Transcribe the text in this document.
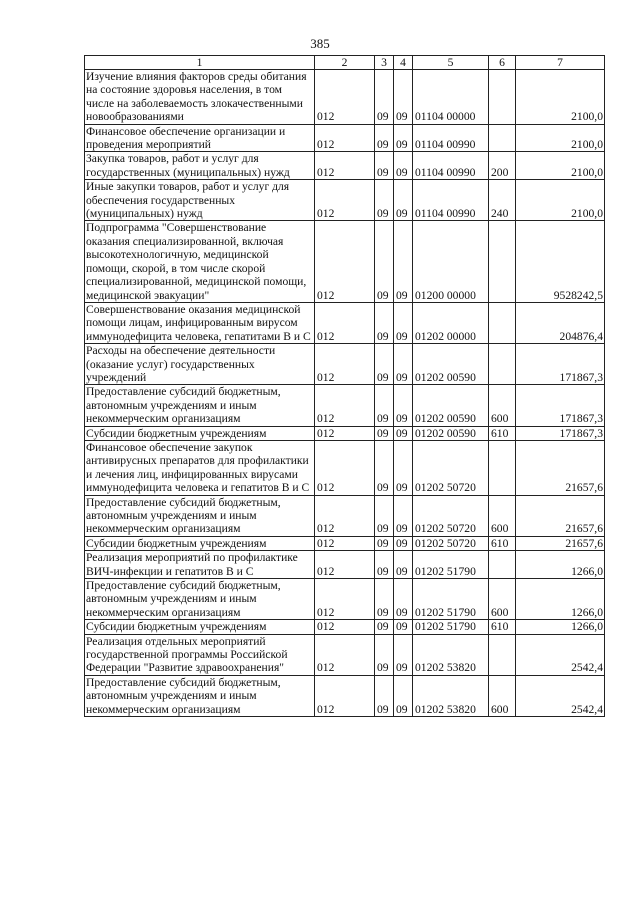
385
1	2	3	4	5	6	7
Изучение влияния факторов среды обитания на состояние здоровья населения, в том числе на заболеваемость злокачественными новообразованиями	012	09	09	01104 00000		2100,0
Финансовое обеспечение организации и проведения мероприятий	012	09	09	01104 00990		2100,0
Закупка товаров, работ и услуг для государственных (муниципальных) нужд	012	09	09	01104 00990	200	2100,0
Иные закупки товаров, работ и услуг для обеспечения государственных (муниципальных) нужд	012	09	09	01104 00990	240	2100,0
Подпрограмма "Совершенствование оказания специализированной, включая высокотехнологичную, медицинской помощи, скорой, в том числе скорой специализированной, медицинской помощи, медицинской эвакуации"	012	09	09	01200 00000		9528242,5
Совершенствование оказания медицинской помощи лицам, инфицированным вирусом иммунодефицита человека, гепатитами В и С	012	09	09	01202 00000		204876,4
Расходы на обеспечение деятельности (оказание услуг) государственных учреждений	012	09	09	01202 00590		171867,3
Предоставление субсидий бюджетным, автономным учреждениям и иным некоммерческим организациям	012	09	09	01202 00590	600	171867,3
Субсидии бюджетным учреждениям	012	09	09	01202 00590	610	171867,3
Финансовое обеспечение закупок антивирусных препаратов для профилактики и лечения лиц, инфицированных вирусами иммунодефицита человека и гепатитов В и С	012	09	09	01202 50720		21657,6
Предоставление субсидий бюджетным, автономным учреждениям и иным некоммерческим организациям	012	09	09	01202 50720	600	21657,6
Субсидии бюджетным учреждениям	012	09	09	01202 50720	610	21657,6
Реализация мероприятий по профилактике ВИЧ-инфекции и гепатитов В и С	012	09	09	01202 51790		1266,0
Предоставление субсидий бюджетным, автономным учреждениям и иным некоммерческим организациям	012	09	09	01202 51790	600	1266,0
Субсидии бюджетным учреждениям	012	09	09	01202 51790	610	1266,0
Реализация отдельных мероприятий государственной программы Российской Федерации "Развитие здравоохранения"	012	09	09	01202 53820		2542,4
Предоставление субсидий бюджетным, автономным учреждениям и иным некоммерческим организациям	012	09	09	01202 53820	600	2542,4
